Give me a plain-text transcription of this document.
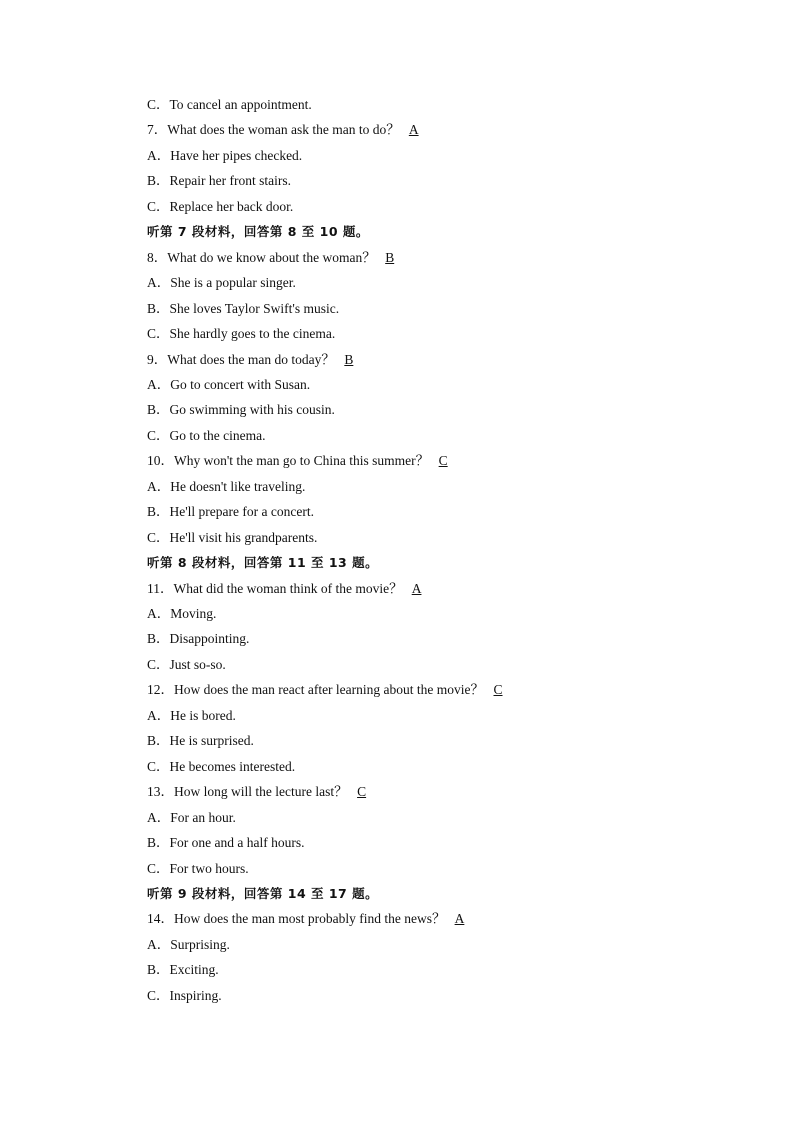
C．To cancel an appointment.
7．What does the woman ask the man to do？ A
A．Have her pipes checked.
B．Repair her front stairs.
C．Replace her back door.
听第 7 段材料，回答第 8 至 10 题。
8．What do we know about the woman？ B
A．She is a popular singer.
B．She loves Taylor Swift's music.
C．She hardly goes to the cinema.
9．What does the man do today？ B
A．Go to concert with Susan.
B．Go swimming with his cousin.
C．Go to the cinema.
10．Why won't the man go to China this summer？ C
A．He doesn't like traveling.
B．He'll prepare for a concert.
C．He'll visit his grandparents.
听第 8 段材料，回答第 11 至 13 题。
11．What did the woman think of the movie？ A
A．Moving.
B．Disappointing.
C．Just so-so.
12．How does the man react after learning about the movie？ C
A．He is bored.
B．He is surprised.
C．He becomes interested.
13．How long will the lecture last？ C
A．For an hour.
B．For one and a half hours.
C．For two hours.
听第 9 段材料，回答第 14 至 17 题。
14．How does the man most probably find the news？ A
A．Surprising.
B．Exciting.
C．Inspiring.
